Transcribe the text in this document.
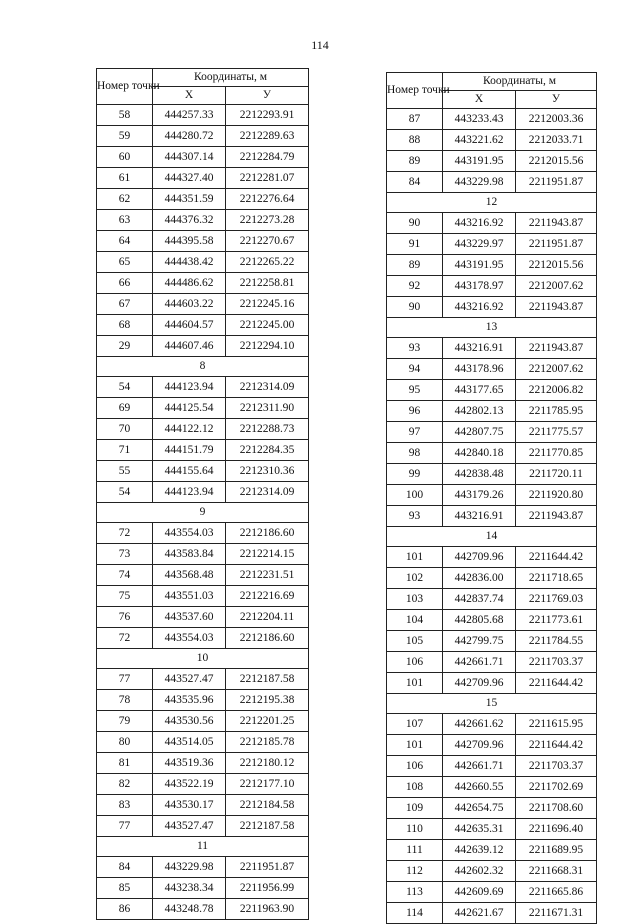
114
Номер точки	Координаты, м	
	X	У
58	444257.33	2212293.91
59	444280.72	2212289.63
60	444307.14	2212284.79
61	444327.40	2212281.07
62	444351.59	2212276.64
63	444376.32	2212273.28
64	444395.58	2212270.67
65	444438.42	2212265.22
66	444486.62	2212258.81
67	444603.22	2212245.16
68	444604.57	2212245.00
29	444607.46	2212294.10
8		
54	444123.94	2212314.09
69	444125.54	2212311.90
70	444122.12	2212288.73
71	444151.79	2212284.35
55	444155.64	2212310.36
54	444123.94	2212314.09
9		
72	443554.03	2212186.60
73	443583.84	2212214.15
74	443568.48	2212231.51
75	443551.03	2212216.69
76	443537.60	2212204.11
72	443554.03	2212186.60
10		
77	443527.47	2212187.58
78	443535.96	2212195.38
79	443530.56	2212201.25
80	443514.05	2212185.78
81	443519.36	2212180.12
82	443522.19	2212177.10
83	443530.17	2212184.58
77	443527.47	2212187.58
11		
84	443229.98	2211951.87
85	443238.34	2211956.99
86	443248.78	2211963.90
Номер точки	Координаты, м	
	X	У
87	443233.43	2212003.36
88	443221.62	2212033.71
89	443191.95	2212015.56
84	443229.98	2211951.87
12		
90	443216.92	2211943.87
91	443229.97	2211951.87
89	443191.95	2212015.56
92	443178.97	2212007.62
90	443216.92	2211943.87
13		
93	443216.91	2211943.87
94	443178.96	2212007.62
95	443177.65	2212006.82
96	442802.13	2211785.95
97	442807.75	2211775.57
98	442840.18	2211770.85
99	442838.48	2211720.11
100	443179.26	2211920.80
93	443216.91	2211943.87
14		
101	442709.96	2211644.42
102	442836.00	2211718.65
103	442837.74	2211769.03
104	442805.68	2211773.61
105	442799.75	2211784.55
106	442661.71	2211703.37
101	442709.96	2211644.42
15		
107	442661.62	2211615.95
101	442709.96	2211644.42
106	442661.71	2211703.37
108	442660.55	2211702.69
109	442654.75	2211708.60
110	442635.31	2211696.40
111	442639.12	2211689.95
112	442602.32	2211668.31
113	442609.69	2211665.86
114	442621.67	2211671.31
